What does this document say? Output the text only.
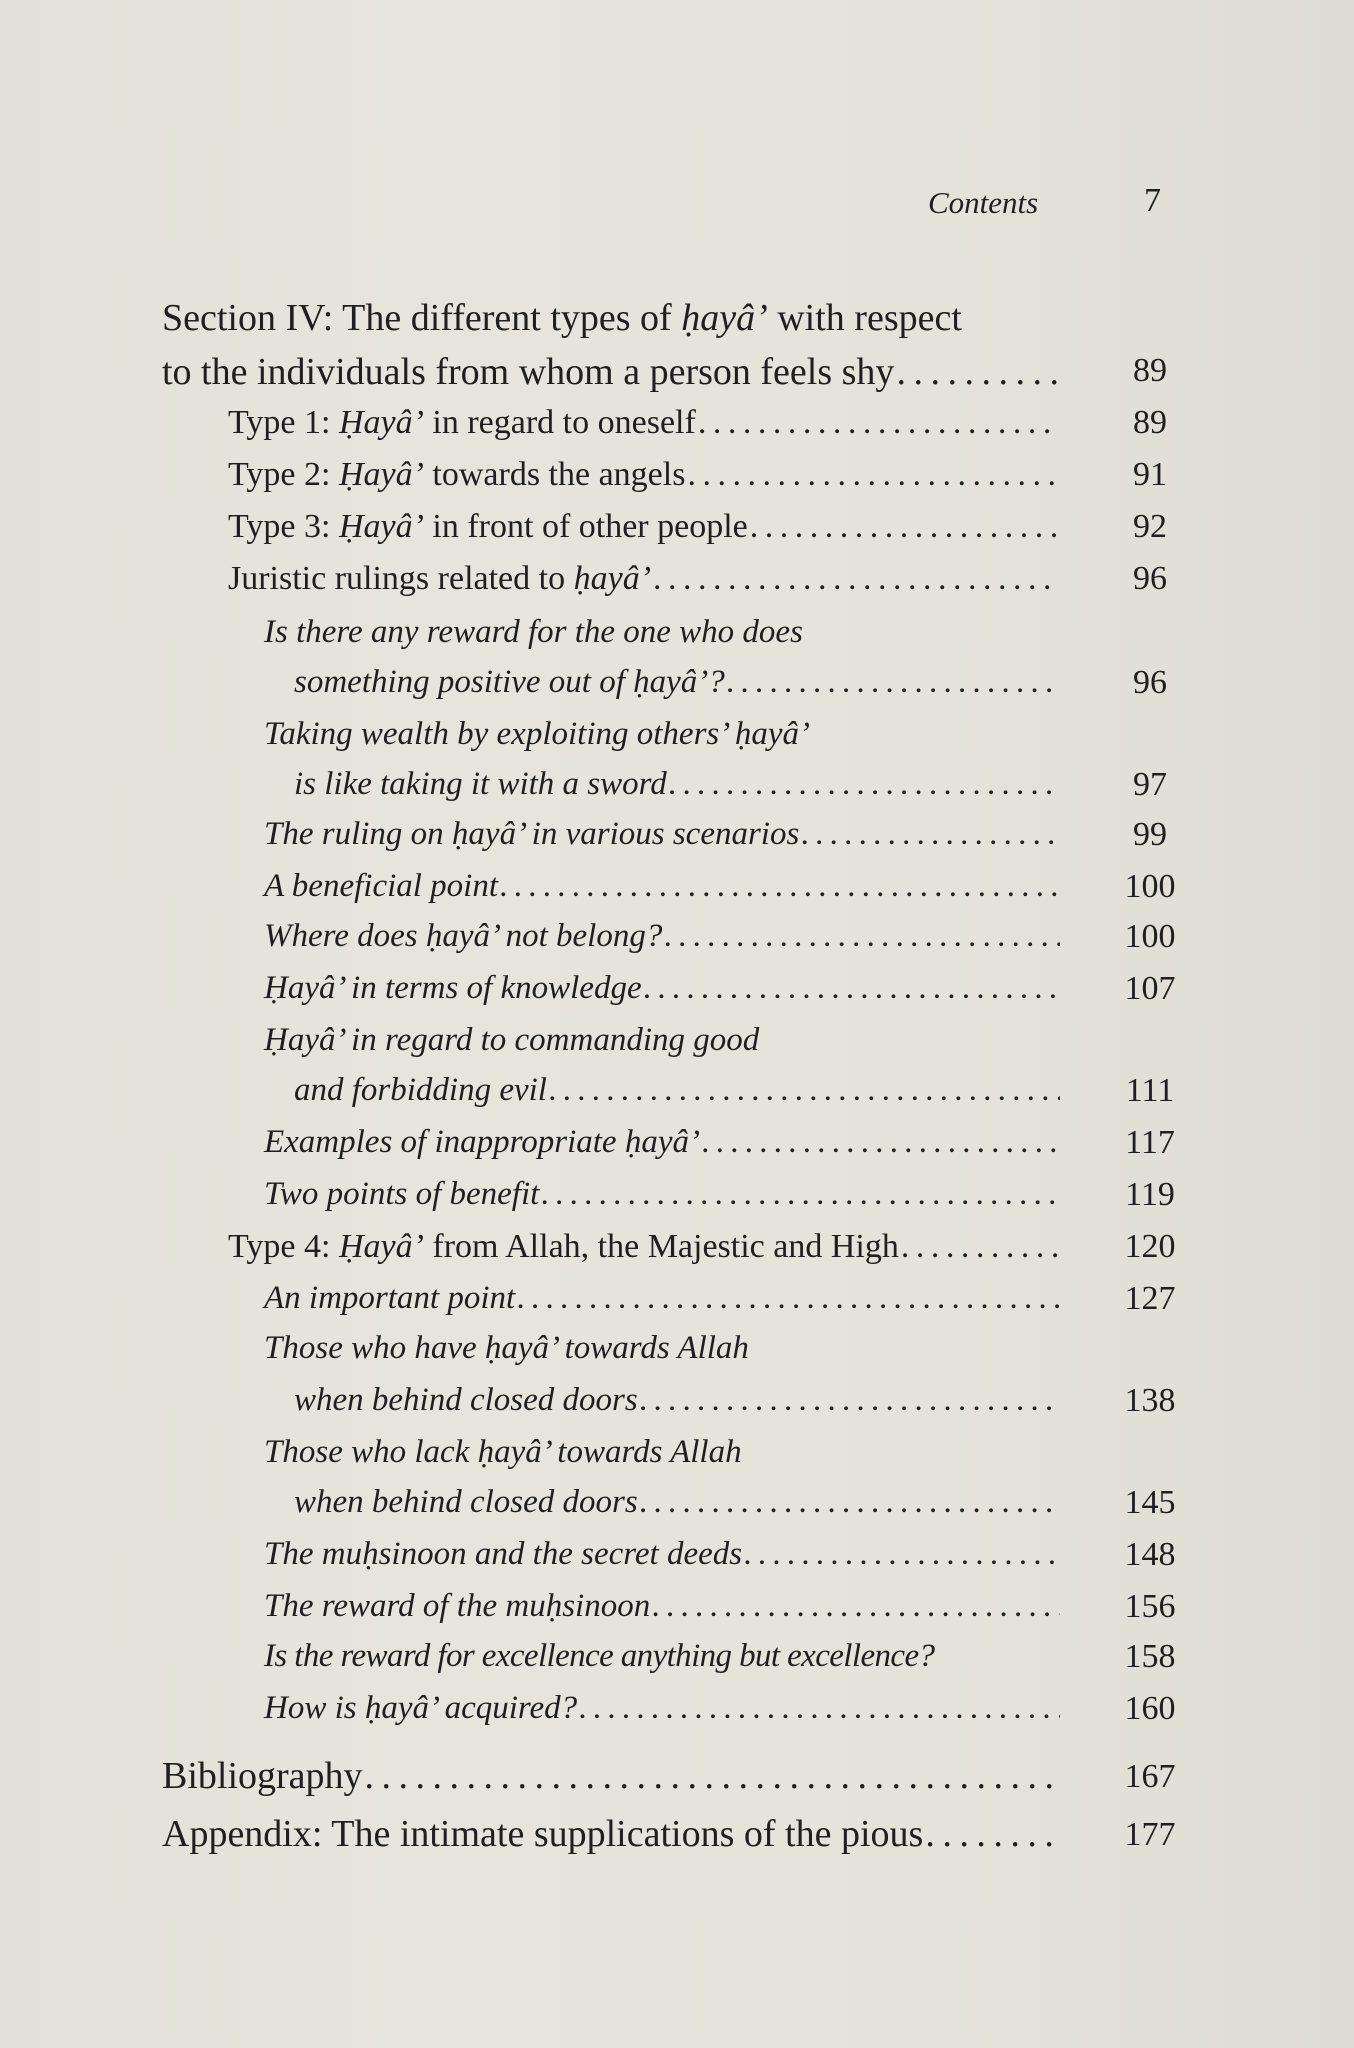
Contents	7
Section IV: The different types of ḥayâ’ with respect
to the individuals from whom a person feels shy . . .	89
Type 1: Ḥayâ’ in regard to oneself . . .	89
Type 2: Ḥayâ’ towards the angels . . .	91
Type 3: Ḥayâ’ in front of other people . . .	92
Juristic rulings related to ḥayâ’ . . .	96
Is there any reward for the one who does
something positive out of ḥayâ’? . . .	96
Taking wealth by exploiting others’ ḥayâ’
is like taking it with a sword . . .	97
The ruling on ḥayâ’ in various scenarios . . .	99
A beneficial point . . .	100
Where does ḥayâ’ not belong? . . .	100
Ḥayâ’ in terms of knowledge . . .	107
Ḥayâ’ in regard to commanding good
and forbidding evil . . .	111
Examples of inappropriate ḥayâ’ . . .	117
Two points of benefit . . .	119
Type 4: Ḥayâ’ from Allah, the Majestic and High . . .	120
An important point . . .	127
Those who have ḥayâ’ towards Allah
when behind closed doors . . .	138
Those who lack ḥayâ’ towards Allah
when behind closed doors . . .	145
The muḥsinoon and the secret deeds . . .	148
The reward of the muḥsinoon . . .	156
Is the reward for excellence anything but excellence?	158
How is ḥayâ’ acquired? . . .	160
Bibliography . . .	167
Appendix: The intimate supplications of the pious . . .	177
